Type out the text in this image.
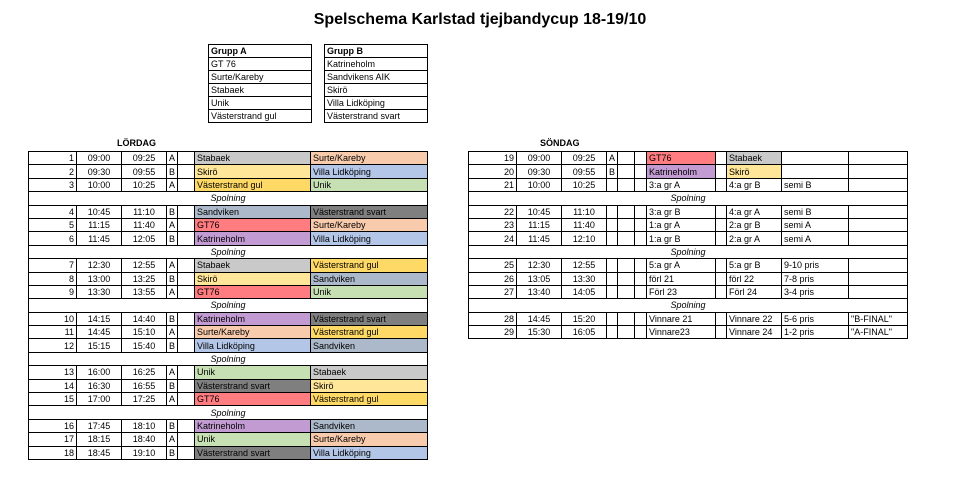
Spelschema Karlstad tjejbandycup 18-19/10
Grupp A
GT 76
Surte/Kareby
Stabaek
Unik
Västerstrand gul
Grupp B
Katrineholm
Sandvikens AIK
Skirö
Villa Lidköping
Västerstrand svart
LÖRDAG	SÖNDAG
1	09:00	09:25	A		Stabaek	Surte/Kareby
2	09:30	09:55	B		Skirö	Villa Lidköping
3	10:00	10:25	A		Västerstrand gul	Unik
Spolning						
4	10:45	11:10	B		Sandviken	Västerstrand svart
5	11:15	11:40	A		GT76	Surte/Kareby
6	11:45	12:05	B		Katrineholm	Villa Lidköping
Spolning						
7	12:30	12:55	A		Stabaek	Västerstrand gul
8	13:00	13:25	B		Skirö	Sandviken
9	13:30	13:55	A		GT76	Unik
Spolning						
10	14:15	14:40	B		Katrineholm	Västerstrand svart
11	14:45	15:10	A		Surte/Kareby	Västerstrand gul
12	15:15	15:40	B		Villa Lidköping	Sandviken
Spolning						
13	16:00	16:25	A		Unik	Stabaek
14	16:30	16:55	B		Västerstrand svart	Skirö
15	17:00	17:25	A		GT76	Västerstrand gul
Spolning						
16	17:45	18:10	B		Katrineholm	Sandviken
17	18:15	18:40	A		Unik	Surte/Kareby
18	18:45	19:10	B		Västerstrand svart	Villa Lidköping
19	09:00	09:25	A			GT76		Stabaek		
20	09:30	09:55	B			Katrineholm		Skirö		
21	10:00	10:25				3:a gr A		4:a gr B	semi B	
Spolning										
22	10:45	11:10				3:a gr B		4:a gr A	semi B	
23	11:15	11:40				1:a gr A		2:a gr B	semi A	
24	11:45	12:10				1:a gr B		2:a gr A	semi A	
Spolning										
25	12:30	12:55				5:a gr A		5:a gr B	9-10 pris	
26	13:05	13:30				förl 21		förl 22	7-8 pris	
27	13:40	14:05				Förl 23		Förl 24	3-4 pris	
Spolning										
28	14:45	15:20				Vinnare 21		Vinnare 22	5-6 pris	"B-FINAL"
29	15:30	16:05				Vinnare23		Vinnare 24	1-2 pris	"A-FINAL"
